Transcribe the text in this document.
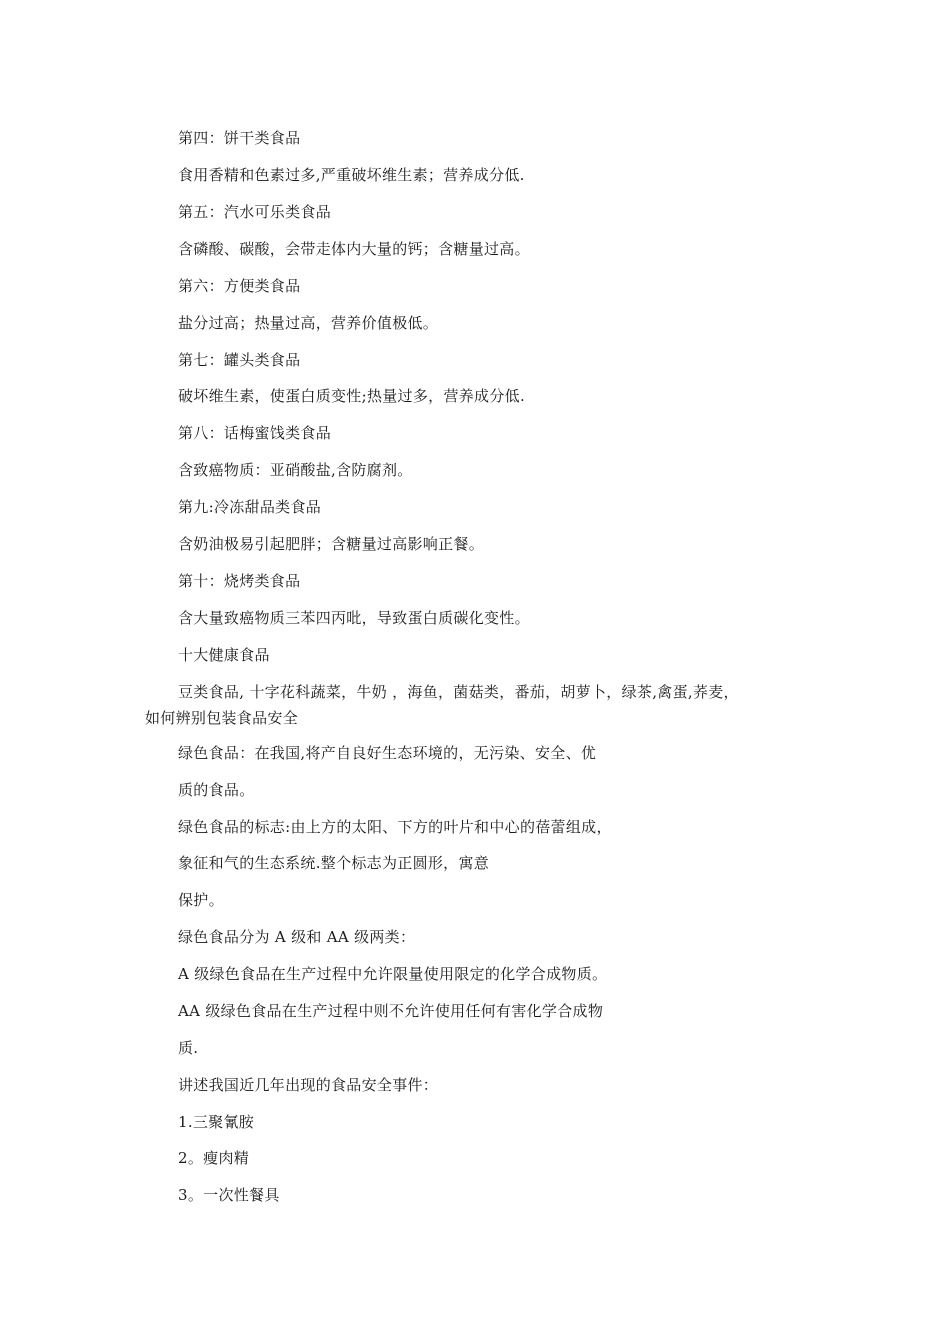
第四：饼干类食品
食用香精和色素过多,严重破坏维生素；营养成分低.
第五：汽水可乐类食品
含磷酸、碳酸，会带走体内大量的钙；含糖量过高。
第六：方便类食品
盐分过高；热量过高，营养价值极低。
第七：罐头类食品
破坏维生素，使蛋白质变性;热量过多，营养成分低.
第八：话梅蜜饯类食品
含致癌物质：亚硝酸盐,含防腐剂。
第九:冷冻甜品类食品
含奶油极易引起肥胖；含糖量过高影响正餐。
第十：烧烤类食品
含大量致癌物质三苯四丙吡，导致蛋白质碳化变性。
十大健康食品
豆类食品, 十字花科蔬菜，牛奶 ，海鱼，菌菇类，番茄，胡萝卜，绿茶,禽蛋,荞麦，
如何辨别包装食品安全
绿色食品：在我国,将产自良好生态环境的，无污染、安全、优
质的食品。
绿色食品的标志:由上方的太阳、下方的叶片和中心的蓓蕾组成，
象征和气的生态系统.整个标志为正圆形，寓意
保护。
绿色食品分为 A 级和 AA 级两类：
A 级绿色食品在生产过程中允许限量使用限定的化学合成物质。
AA 级绿色食品在生产过程中则不允许使用任何有害化学合成物
质.
讲述我国近几年出现的食品安全事件：
1.三聚氰胺
2。瘦肉精
3。一次性餐具
